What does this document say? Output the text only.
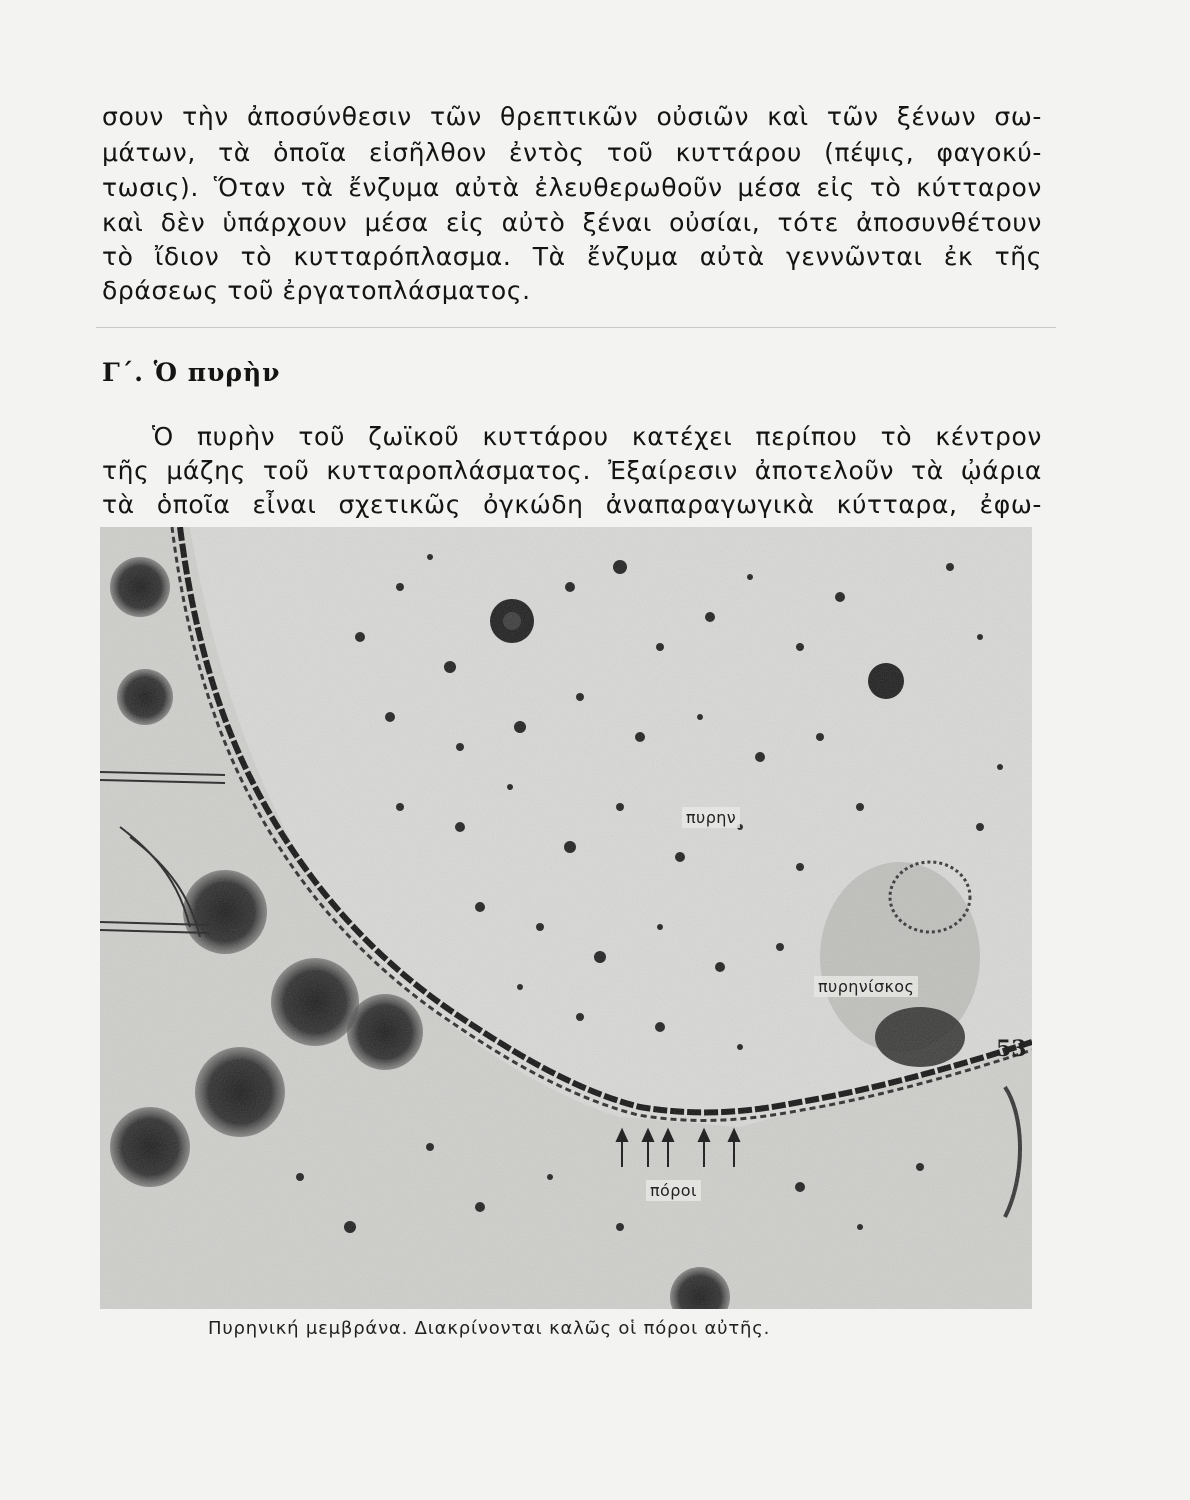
σουν τὴν ἀποσύνθεσιν τῶν θρεπτικῶν οὐσιῶν καὶ τῶν ξένων σω-
μάτων, τὰ ὁποῖα εἰσῆλθον ἐντὸς τοῦ κυττάρου (πέψις, φαγοκύ-
τωσις). Ὅταν τὰ ἔνζυμα αὐτὰ ἐλευθερωθοῦν μέσα εἰς τὸ κύτταρον
καὶ δὲν ὑπάρχουν μέσα εἰς αὐτὸ ξέναι οὐσίαι, τότε ἀποσυνθέτουν
τὸ ἴδιον τὸ κυτταρόπλασμα. Τὰ ἔνζυμα αὐτὰ γεννῶνται ἐκ τῆς
δράσεως τοῦ ἐργατοπλάσματος.
Γ΄. Ὁ πυρὴν
Ὁ πυρὴν τοῦ ζωϊκοῦ κυττάρου κατέχει περίπου τὸ κέντρον
τῆς μάζης τοῦ κυτταροπλάσματος. Ἐξαίρεσιν ἀποτελοῦν τὰ ᾠάρια
τὰ ὁποῖα εἶναι σχετικῶς ὀγκώδη ἀναπαραγωγικὰ κύτταρα, ἐφω-
πυρην
πυρηνίσκος
πόροι
Πυρηνική μεμβράνα. Διακρίνονται καλῶς οἱ πόροι αὐτῆς.
53
